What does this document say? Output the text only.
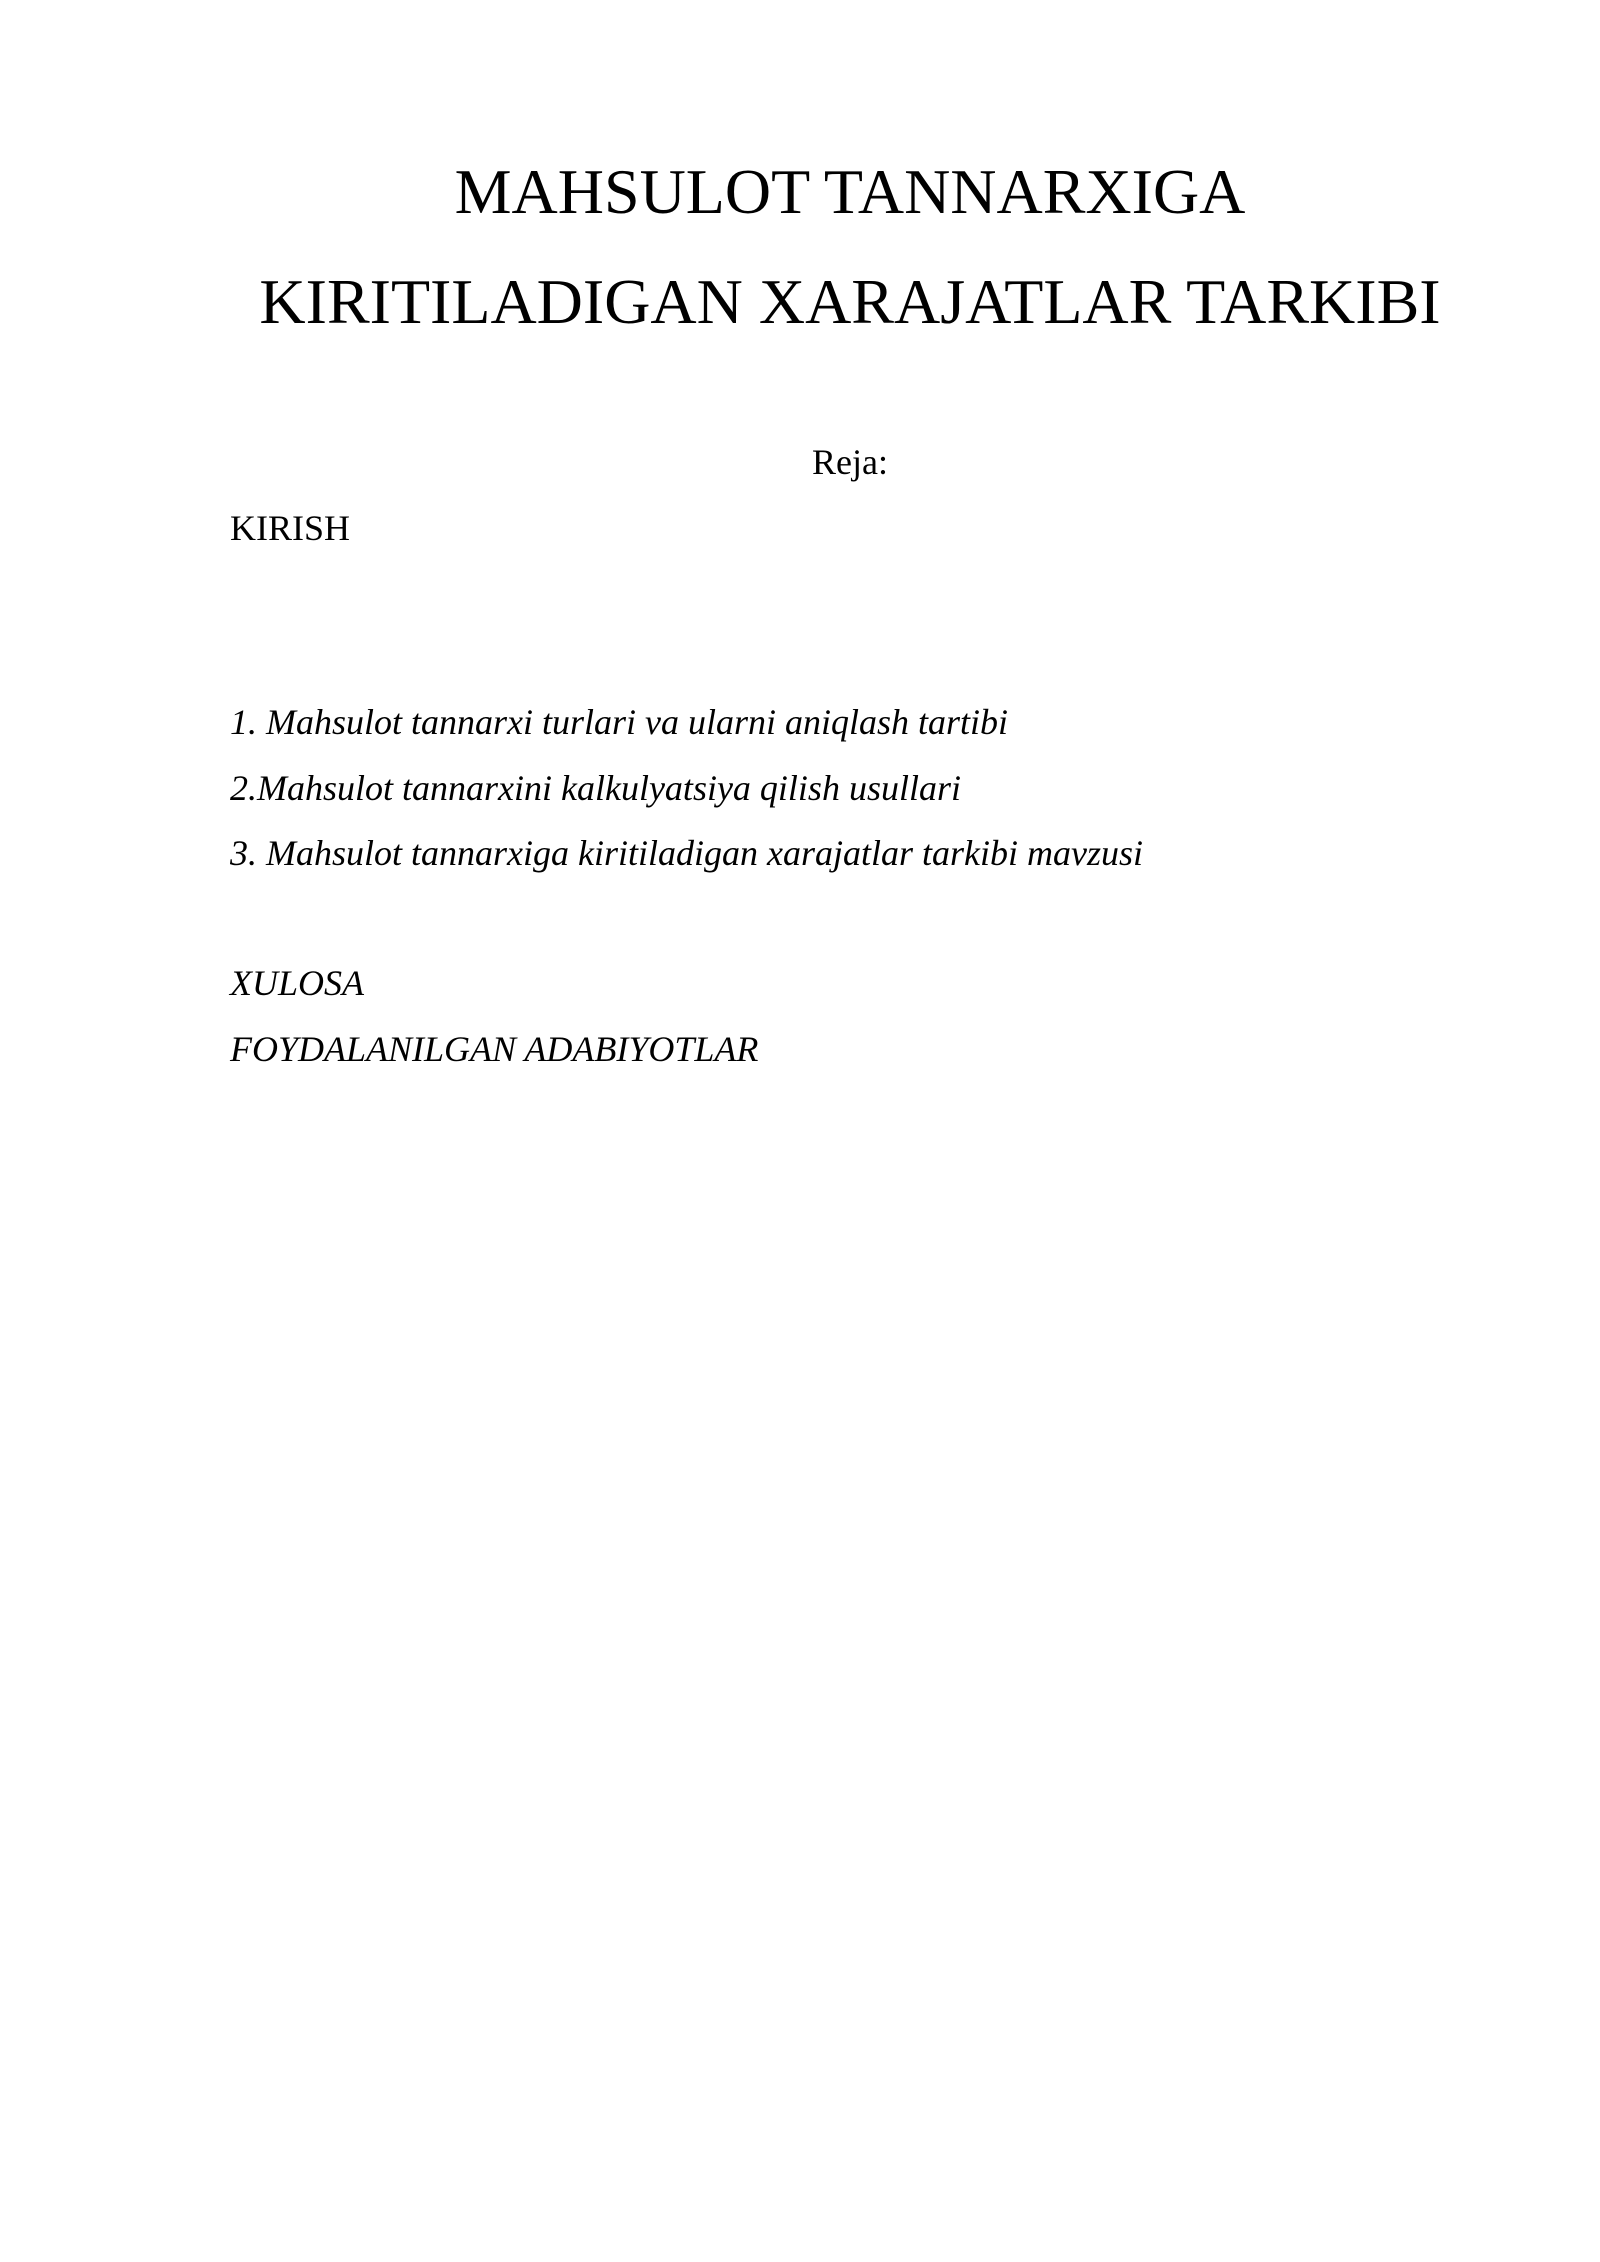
MAHSULOT TANNARXIGA
KIRITILADIGAN XARAJATLAR TARKIBI
Reja:
KIRISH
1. Mahsulot tannarxi turlari va ularni aniqlash tartibi
2.Mahsulot tannarxini kalkulyatsiya qilish usullari
3. Mahsulot tannarxiga kiritiladigan xarajatlar tarkibi mavzusi
XULOSA
FOYDALANILGAN ADABIYOTLAR
